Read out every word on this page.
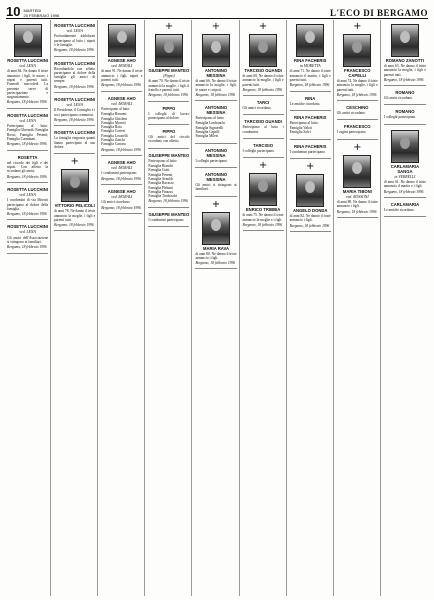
10 MARTEDI
20 FEBBRAIO 1996	L'ECO DI BERGAMO
ROSETTA LUCCHINI
ved. LENA
di anni 84. Ne danno il triste annuncio i figli, le nuore, i nipoti e parenti tutti. Funerali mercoledì. La presente serve di partecipazione e ringraziamento.
Bergamo, 18 febbraio 1996
ROSETTA LUCCHINI
ved. LENA
Partecipano al lutto: Famiglia Gherardi; Famiglia Rossi; Famiglia Pesenti; Famiglia Carminati.
Bergamo, 18 febbraio 1996
ROSETTA
nel ricordo dei figli e dei nipoti. Con affetto la ricordano gli amici.
Bergamo, 18 febbraio 1996
ROSETTA LUCCHINI
ved. LENA
I condomini di via Moroni partecipano al dolore della famiglia.
Bergamo, 18 febbraio 1996
ROSETTA LUCCHINI
ved. LENA
Gli amici dell'Associazione si stringono ai familiari.
Bergamo, 18 febbraio 1996
ROSETTA LUCCHINI
ved. LENA
Profondamente addolorati partecipano al lutto i nipoti e le famiglie.
Bergamo, 18 febbraio 1996
ROSETTA LUCCHINI
Ricordandola con affetto partecipano al dolore della famiglia gli amici di sempre.
Bergamo, 18 febbraio 1996
ROSETTA LUCCHINI
ved. LENA
Il Presidente, il Consiglio e i soci partecipano commossi.
Bergamo, 18 febbraio 1996
ROSETTA LUCCHINI
La famiglia ringrazia quanti hanno partecipato al suo dolore.
+
VITTORIO PELICOLI
di anni 78. Ne danno il triste annuncio la moglie, i figli e parenti tutti.
Bergamo, 18 febbraio 1996
AGNESE AHO
ved. MORALI
di anni 91. Ne danno il triste annuncio i figli, nipoti e parenti tutti.
Bergamo, 18 febbraio 1996
AGNESE AHO
ved. MORALI
Partecipano al lutto:
Famiglia Bonomi
Famiglia Ghisleni
Famiglia Moretti
Famiglia Rota
Famiglia Cortesi
Famiglia Locatelli
Famiglia Zanchi
Famiglia Carrara
Bergamo, 18 febbraio 1996
AGNESE AHO
ved. MORALI
I condomini partecipano.
Bergamo, 18 febbraio 1996
AGNESE AHO
ved. MORALI
Gli amici ricordano.
Bergamo, 18 febbraio 1996
+
GIUSEPPE MANTEO
(Pippo)
di anni 70. Ne danno il triste annuncio la moglie, i figli, il fratello e parenti tutti.
Bergamo, 18 febbraio 1996
PIPPO
I colleghi di lavoro partecipano al dolore.
PIPPO
Gli amici del circolo ricordano con affetto.
GIUSEPPE MANTEO
Partecipano al lutto:
Famiglia Bianchi
Famiglia Gotti
Famiglia Pesenti
Famiglia Arnoldi
Famiglia Ravasio
Famiglia Plebani
Famiglia Finazzi
Famiglia Tiraboschi
Bergamo, 18 febbraio 1996
GIUSEPPE MANTEO
I condomini partecipano.
+
ANTONINO MESSINA
di anni 66. Ne danno il triste annuncio la moglie, i figli, le nuore e i nipoti.
Bergamo, 18 febbraio 1996
ANTONINO MESSINA
Partecipano al lutto:
Famiglia Lanfranchi
Famiglia Signorelli
Famiglia Capelli
Famiglia Milesi
ANTONINO MESSINA
I colleghi partecipano.
ANTONINO MESSINA
Gli amici si stringono ai familiari.
+
MARIA RAVA
di anni 80. Ne danno il triste annuncio i figli.
Bergamo, 18 febbraio 1996
+
TARCISIO GUANDI
di anni 69. Ne danno il triste annuncio la moglie, i figli e parenti tutti.
Bergamo, 18 febbraio 1996
TARCI
Gli amici ricordano.
TARCISIO GUANDI
Partecipano al lutto i condomini.
TARCISIO
I colleghi partecipano.
+
ENRICO TRIBBIA
di anni 75. Ne danno il triste annuncio la moglie e i figli.
Bergamo, 18 febbraio 1996
RINA FACHERIS
in MORETTA
di anni 71. Ne danno il triste annuncio il marito, i figli e parenti tutti.
Bergamo, 18 febbraio 1996
RINA
Le amiche ricordano.
RINA FACHERIS
Partecipano al lutto:
Famiglia Valoti
Famiglia Salvi
RINA FACHERIS
I condomini partecipano.
+
ANGELO DONDA
di anni 82. Ne danno il triste annuncio i figli.
Bergamo, 18 febbraio 1996
+
FRANCESCO CAPELLI
di anni 74. Ne danno il triste annuncio la moglie, i figli e parenti tutti.
Bergamo, 18 febbraio 1996
CESCHINO
Gli amici ricordano.
FRANCESCO
I cugini partecipano.
+
MARIA TIBONI
ved. ROSSONI
di anni 88. Ne danno il triste annuncio i figli.
Bergamo, 18 febbraio 1996
ROMANO ZANOTTI
di anni 63. Ne danno il triste annuncio la moglie, i figli e parenti tutti.
Bergamo, 18 febbraio 1996
ROMANO
Gli amici ricordano.
ROMANO
I colleghi partecipano.
CARLAMARIA SANGA
in VERRELLI
di anni 61. Ne danno il triste annuncio il marito e i figli.
Bergamo, 18 febbraio 1996
CARLAMARIA
Le amiche ricordano.
